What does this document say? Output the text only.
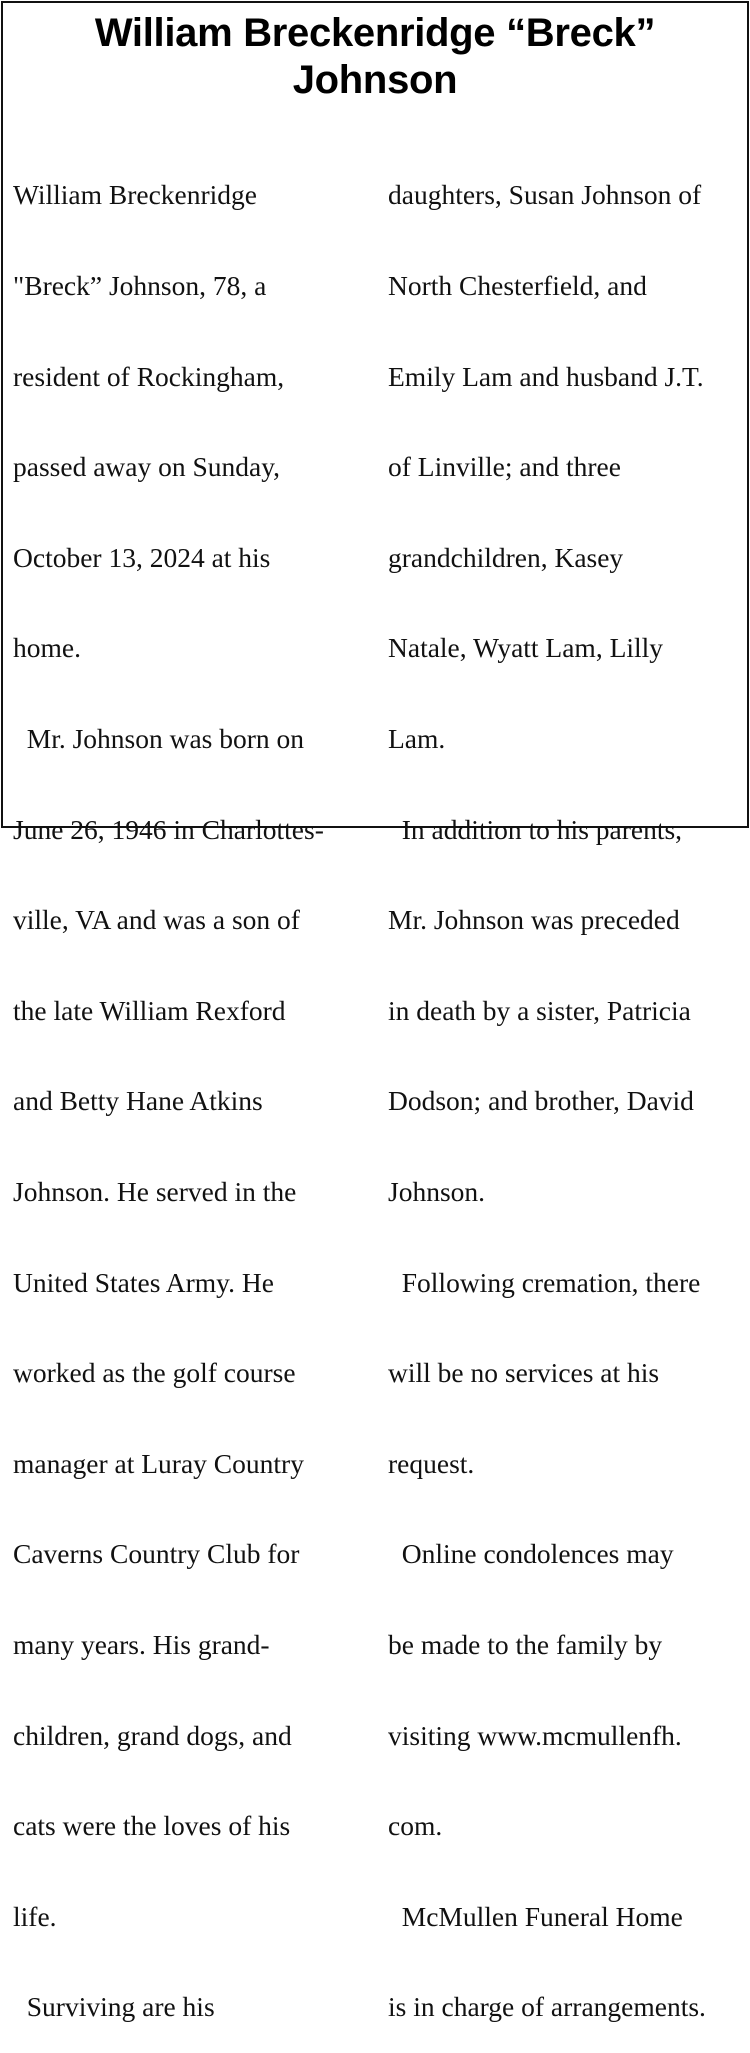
William Breckenridge “Breck”
Johnson

William Breckenridge

"Breck” Johnson, 78, a

resident of Rockingham,

passed away on Sunday,

October 13, 2024 at his

home.

Mr. Johnson was born on

June 26, 1946 in Charlottes-

ville, VA and was a son of

the late William Rexford

and Betty Hane Atkins

Johnson. He served in the

United States Army. He

worked as the golf course

manager at Luray Country

Caverns Country Club for

many years. His grand-

children, grand dogs, and

cats were the loves of his

life.

Surviving are his

daughters, Susan Johnson of

North Chesterfield, and

Emily Lam and husband J.T.

of Linville; and three

grandchildren, Kasey

Natale, Wyatt Lam, Lilly

Lam.

In addition to his parents,

Mr. Johnson was preceded

in death by a sister, Patricia

Dodson; and brother, David

Johnson.

Following cremation, there

will be no services at his

request.

Online condolences may

be made to the family by

visiting www.mcmullenfh.

com.

McMullen Funeral Home

is in charge of arrangements.
